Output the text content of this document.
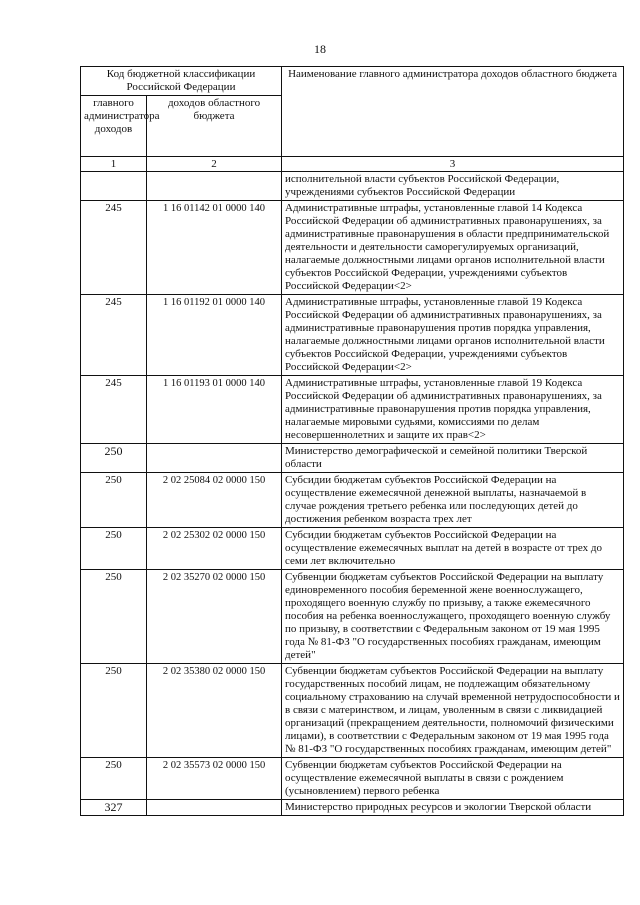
18
Код бюджетной классификации Российской Федерации		Наименование главного администратора доходов областного бюджета
главного администратора доходов	доходов областного бюджета	
1	2	3
		исполнительной власти субъектов Российской Федерации, учреждениями субъектов Российской Федерации
245	1 16 01142 01 0000 140	Административные штрафы, установленные главой 14 Кодекса Российской Федерации об административных правонарушениях, за административные правонарушения в области предпринимательской деятельности и деятельности саморегулируемых организаций, налагаемые должностными лицами органов исполнительной власти субъектов Российской Федерации, учреждениями субъектов Российской Федерации<2>
245	1 16 01192 01 0000 140	Административные штрафы, установленные главой 19 Кодекса Российской Федерации об административных правонарушениях, за административные правонарушения против порядка управления, налагаемые должностными лицами органов исполнительной власти субъектов Российской Федерации, учреждениями субъектов Российской Федерации<2>
245	1 16 01193 01 0000 140	Административные штрафы, установленные главой 19 Кодекса Российской Федерации об административных правонарушениях, за административные правонарушения против порядка управления, налагаемые мировыми судьями, комиссиями по делам несовершеннолетних и защите их прав<2>
250		Министерство демографической и семейной политики Тверской области
250	2 02 25084 02 0000 150	Субсидии бюджетам субъектов Российской Федерации на осуществление ежемесячной денежной выплаты, назначаемой в случае рождения третьего ребенка или последующих детей до достижения ребенком возраста трех лет
250	2 02 25302 02 0000 150	Субсидии бюджетам субъектов Российской Федерации на осуществление ежемесячных выплат на детей в возрасте от трех до семи лет включительно
250	2 02 35270 02 0000 150	Субвенции бюджетам субъектов Российской Федерации на выплату единовременного пособия беременной жене военнослужащего, проходящего военную службу по призыву, а также ежемесячного пособия на ребенка военнослужащего, проходящего военную службу по призыву, в соответствии с Федеральным законом от 19 мая 1995 года № 81-ФЗ "О государственных пособиях гражданам, имеющим детей"
250	2 02 35380 02 0000 150	Субвенции бюджетам субъектов Российской Федерации на выплату государственных пособий лицам, не подлежащим обязательному социальному страхованию на случай временной нетрудоспособности и в связи с материнством, и лицам, уволенным в связи с ликвидацией организаций (прекращением деятельности, полномочий физическими лицами), в соответствии с Федеральным законом от 19 мая 1995 года № 81-ФЗ "О государственных пособиях гражданам, имеющим детей"
250	2 02 35573 02 0000 150	Субвенции бюджетам субъектов Российской Федерации на осуществление ежемесячной выплаты в связи с рождением (усыновлением) первого ребенка
327		Министерство природных ресурсов и экологии Тверской области
